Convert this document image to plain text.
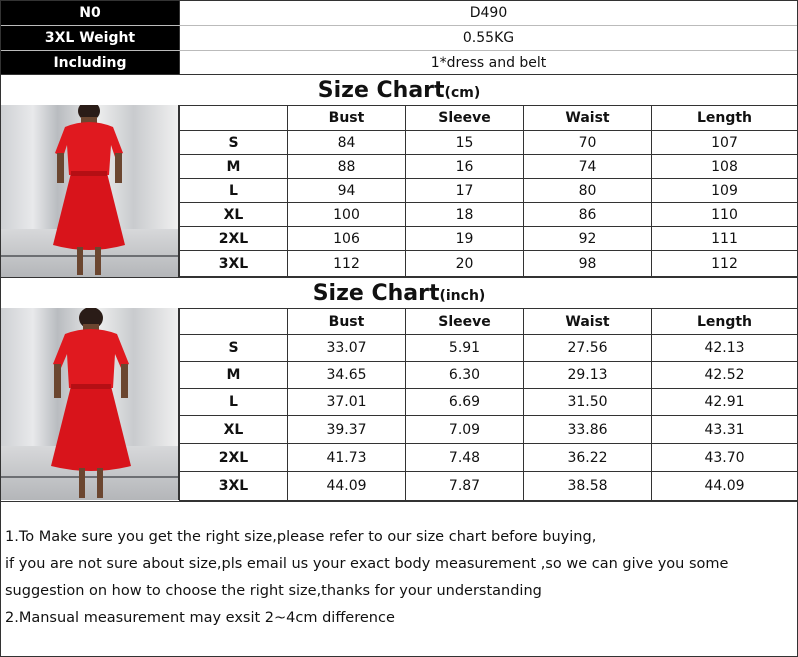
N0	D490
3XL Weight	0.55KG
Including	1*dress and belt
Size Chart (cm)
	Bust	Sleeve	Waist	Length
S	84	15	70	107
M	88	16	74	108
L	94	17	80	109
XL	100	18	86	110
2XL	106	19	92	111
3XL	112	20	98	112
Size Chart (inch)
	Bust	Sleeve	Waist	Length
S	33.07	5.91	27.56	42.13
M	34.65	6.30	29.13	42.52
L	37.01	6.69	31.50	42.91
XL	39.37	7.09	33.86	43.31
2XL	41.73	7.48	36.22	43.70
3XL	44.09	7.87	38.58	44.09

1.To Make sure you get the right size,please refer to our size chart before buying,

if you are not sure about size,pls email us your exact body measurement ,so we can give you some

suggestion on how to choose the right size,thanks for your understanding

2.Mansual measurement may exsit 2~4cm difference
